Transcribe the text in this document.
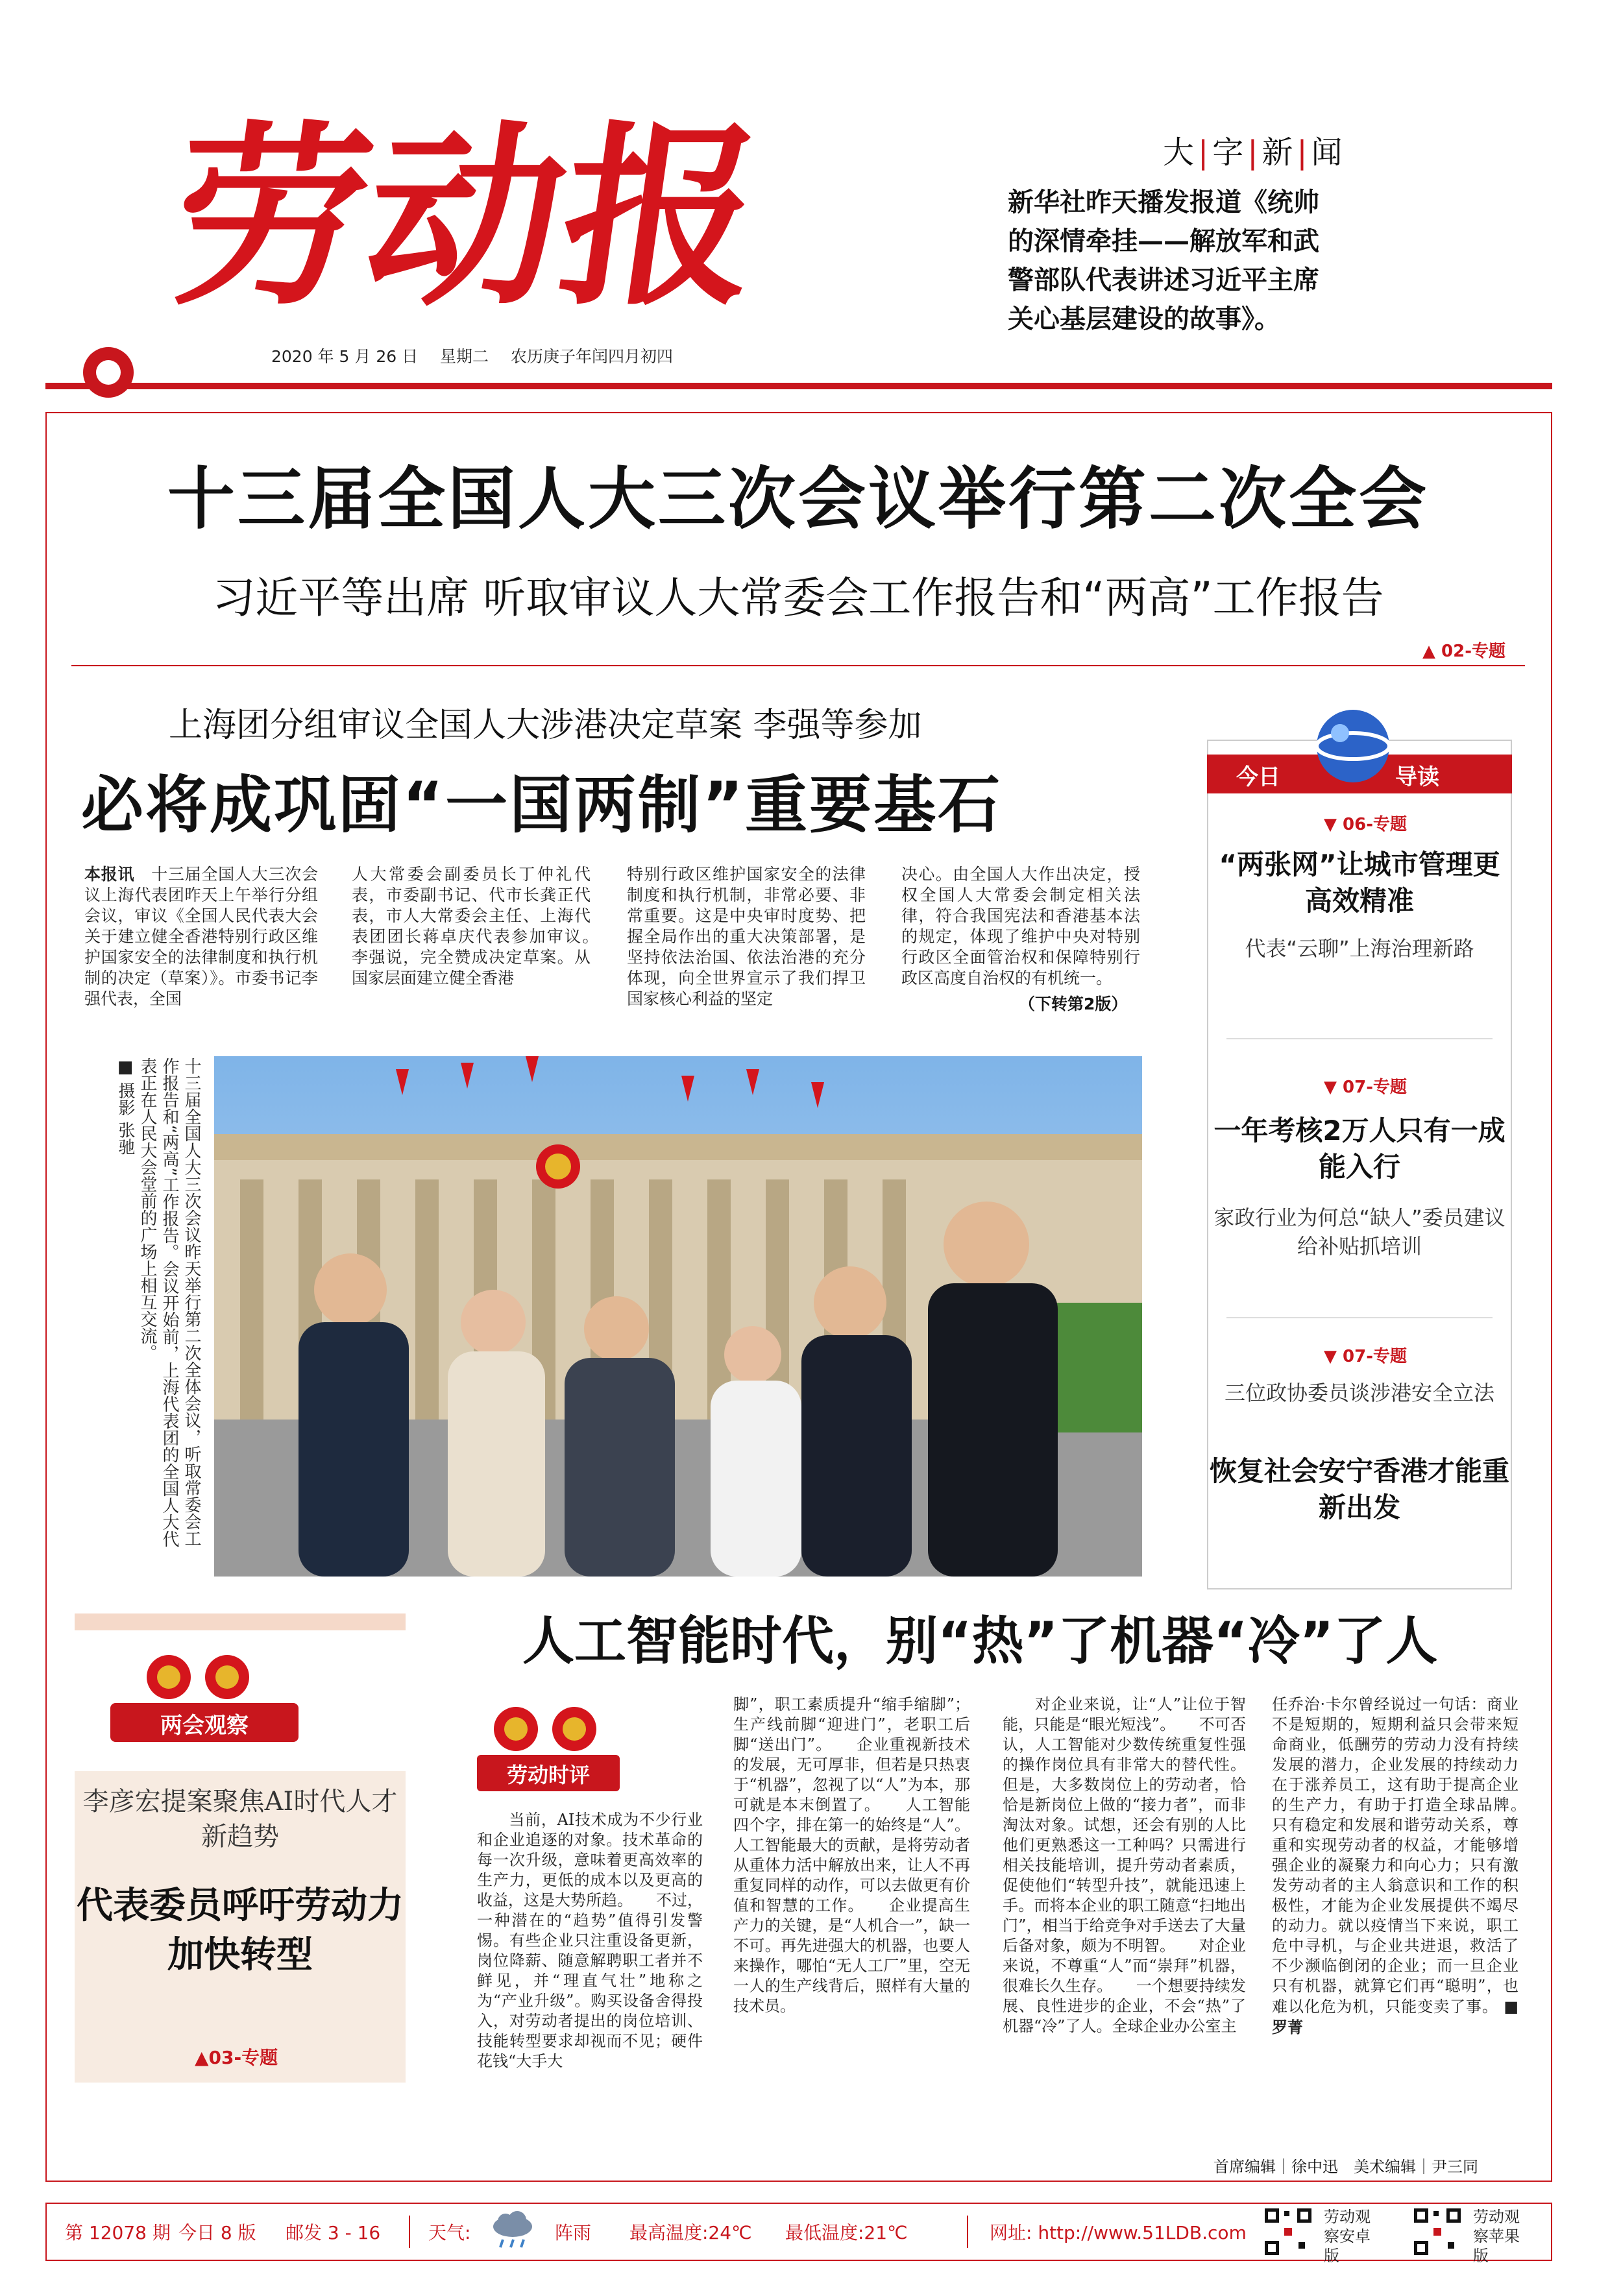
劳动报
2020 年 5 月 26 日 星期二 农历庚子年闰四月初四
大|字|新|闻
新华社昨天播发报道《统帅的深情牵挂——解放军和武警部队代表讲述习近平主席关心基层建设的故事》。
十三届全国人大三次会议举行第二次全会
习近平等出席 听取审议人大常委会工作报告和“两高”工作报告
▲ 02-专题
上海团分组审议全国人大涉港决定草案 李强等参加
必将成巩固“一国两制”重要基石
本报讯　 十三届全国人大三次会议上海代表团昨天上午举行分组会议，审议《全国人民代表大会关于建立健全香港特别行政区维护国家安全的法律制度和执行机制的决定（草案）》。市委书记李强代表，全国
人大常委会副委员长丁仲礼代表，市委副书记、代市长龚正代表，市人大常委会主任、上海代表团团长蒋卓庆代表参加审议。　　李强说，完全赞成决定草案。从国家层面建立健全香港
特别行政区维护国家安全的法律制度和执行机制，非常必要、非常重要。这是中央审时度势、把握全局作出的重大决策部署，是坚持依法治国、依法治港的充分体现，向全世界宣示了我们捍卫国家核心利益的坚定
决心。由全国人大作出决定，授权全国人大常委会制定相关法律，符合我国宪法和香港基本法的规定，体现了维护中央对特别行政区全面管治权和保障特别行政区高度自治权的有机统一。
（下转第2版）
十三届全国人大三次会议昨天举行第二次全体会议，听取常委会工作报告和“两高”工作报告。会议开始前，上海代表团的全国人大代表正在人民大会堂前的广场上相互交流。
■ 摄影 张驰
今日	导读
▼ 06-专题
“两张网”让城市管理更高效精准
代表“云聊”上海治理新路
▼ 07-专题
一年考核2万人只有一成能入行
家政行业为何总“缺人”委员建议给补贴抓培训
▼ 07-专题
三位政协委员谈涉港安全立法
恢复社会安宁香港才能重新出发
两会观察
李彦宏提案聚焦AI时代人才新趋势
代表委员呼吁劳动力加快转型
▲03-专题
人工智能时代，别“热”了机器“冷”了人
劳动时评
　　当前，AI技术成为不少行业和企业追逐的对象。技术革命的每一次升级，意味着更高效率的生产力，更低的成本以及更高的收益，这是大势所趋。　　不过，一种潜在的“趋势”值得引发警惕。有些企业只注重设备更新，岗位降薪、随意解聘职工者并不鲜见，并“理直气壮”地称之为“产业升级”。购买设备舍得投入，对劳动者提出的岗位培训、技能转型要求却视而不见；硬件花钱“大手大
脚”，职工素质提升“缩手缩脚”；生产线前脚“迎进门”，老职工后脚“送出门”。　　企业重视新技术的发展，无可厚非，但若是只热衷于“机器”，忽视了以“人”为本，那可就是本末倒置了。　　人工智能四个字，排在第一的始终是“人”。人工智能最大的贡献，是将劳动者从重体力活中解放出来，让人不再重复同样的动作，可以去做更有价值和智慧的工作。　　企业提高生产力的关键，是“人机合一”，缺一不可。再先进强大的机器，也要人来操作，哪怕“无人工厂”里，空无一人的生产线背后，照样有大量的技术员。
　　对企业来说，让“人”让位于智能，只能是“眼光短浅”。　　不可否认，人工智能对少数传统重复性强的操作岗位具有非常大的替代性。但是，大多数岗位上的劳动者，恰恰是新岗位上做的“接力者”，而非淘汰对象。试想，还会有别的人比他们更熟悉这一工种吗？只需进行相关技能培训，提升劳动者素质，促使他们“转型升技”，就能迅速上手。而将本企业的职工随意“扫地出门”，相当于给竞争对手送去了大量后备对象，颇为不明智。　　对企业来说，不尊重“人”而“崇拜”机器，很难长久生存。　　一个想要持续发展、良性进步的企业，不会“热”了机器“冷”了人。全球企业办公室主
任乔治·卡尔曾经说过一句话：商业不是短期的，短期利益只会带来短命商业，低酬劳的劳动力没有持续发展的潜力，企业发展的持续动力在于涨养员工，这有助于提高企业的生产力，有助于打造全球品牌。　　只有稳定和发展和谐劳动关系，尊重和实现劳动者的权益，才能够增强企业的凝聚力和向心力；只有激发劳动者的主人翁意识和工作的积极性，才能为企业发展提供不竭尽的动力。就以疫情当下来说，职工危中寻机，与企业共进退，救活了不少濒临倒闭的企业；而一旦企业只有机器，就算它们再“聪明”，也难以化危为机，只能变卖了事。 ■ 罗菁
首席编辑｜徐中迅　美术编辑｜尹三同
第 12078 期 今日 8 版 邮发 3 - 16	天气:	阵雨 最高温度:24℃ 最低温度:21℃	网址: http://www.51LDB.com
劳动观察安卓版
劳动观察苹果版
